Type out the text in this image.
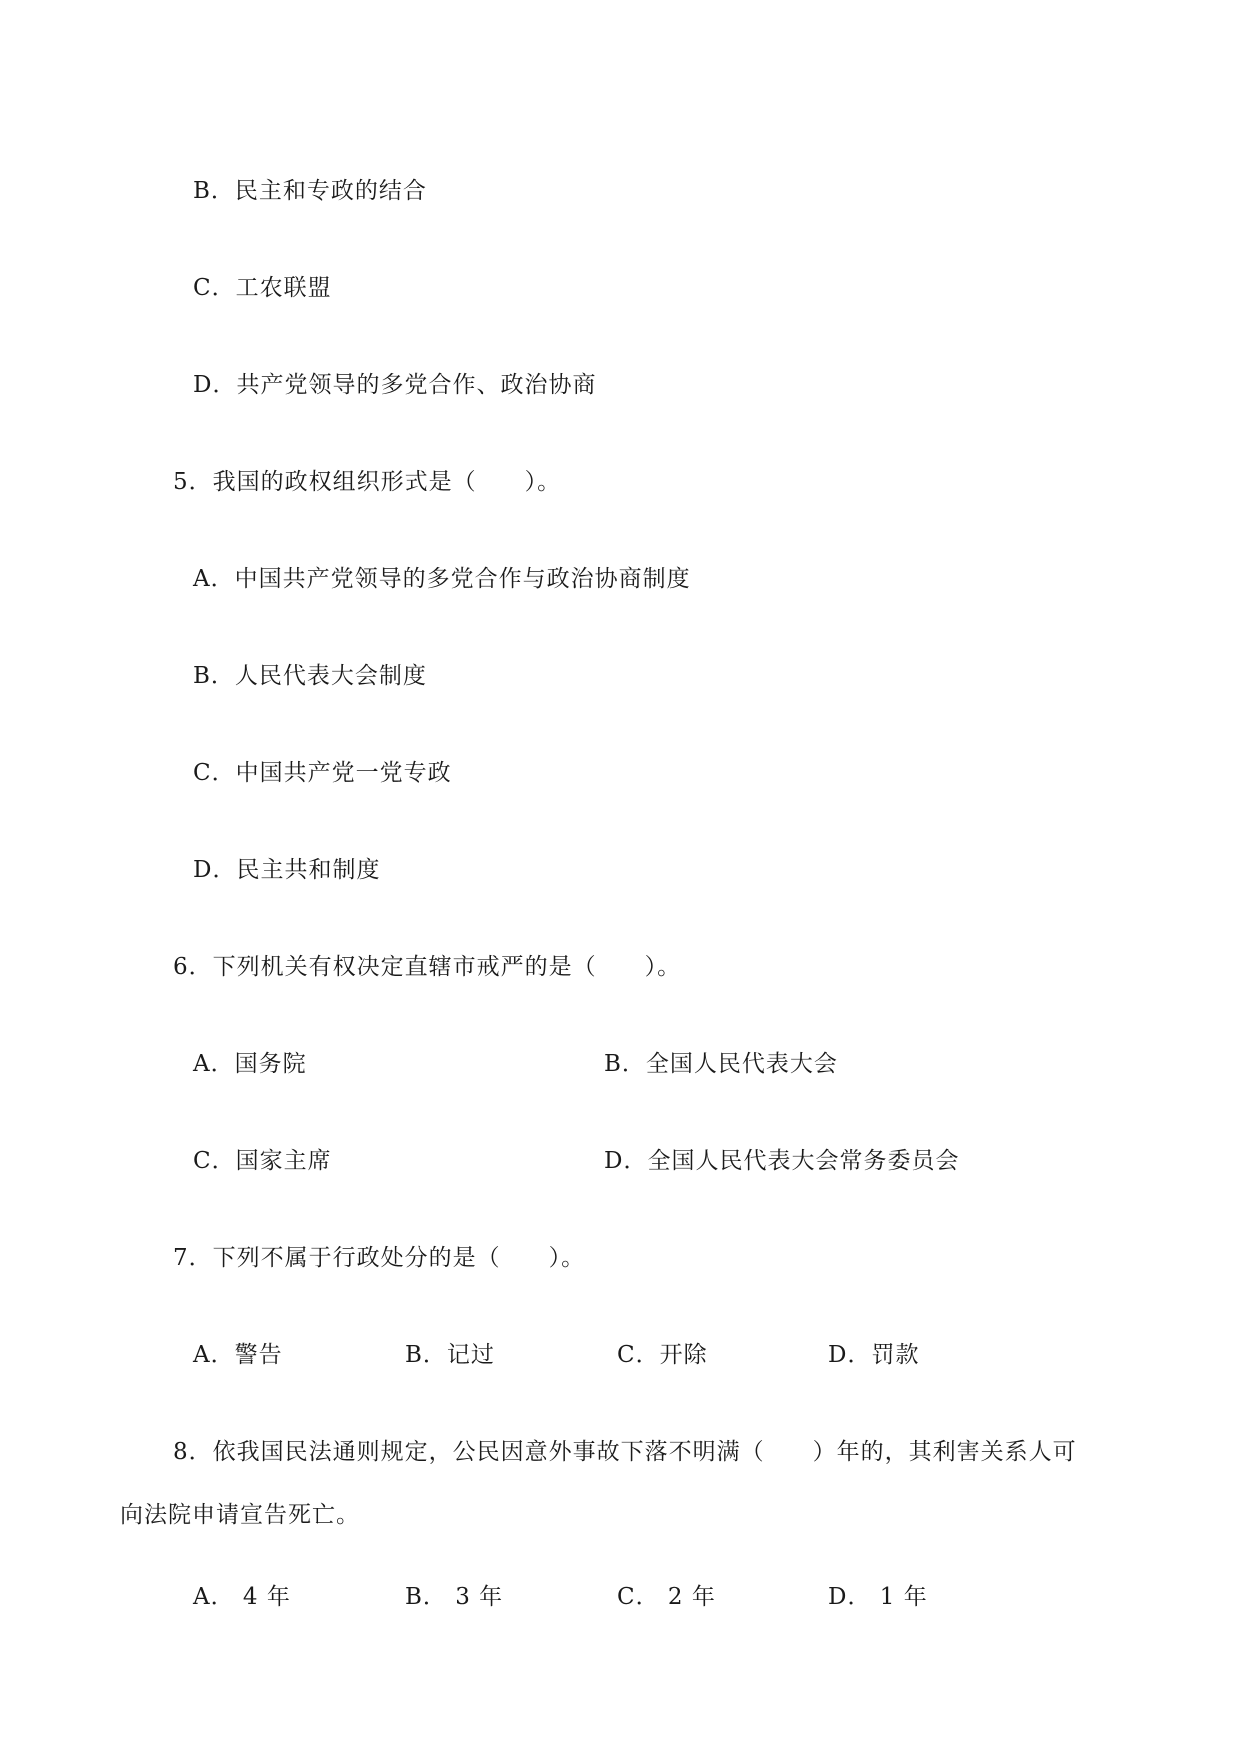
B．民主和专政的结合
C．工农联盟
D．共产党领导的多党合作、政治协商
5．我国的政权组织形式是（　　）。
A．中国共产党领导的多党合作与政治协商制度
B．人民代表大会制度
C．中国共产党一党专政
D．民主共和制度
6．下列机关有权决定直辖市戒严的是（　　）。
A．国务院	B．全国人民代表大会
C．国家主席	D．全国人民代表大会常务委员会
7．下列不属于行政处分的是（　　）。
A．警告	B．记过	C．开除	D．罚款
8．依我国民法通则规定，公民因意外事故下落不明满（　　）年的，其利害关系人可
向法院申请宣告死亡。
A． 4 年	B． 3 年	C． 2 年	D． 1 年
